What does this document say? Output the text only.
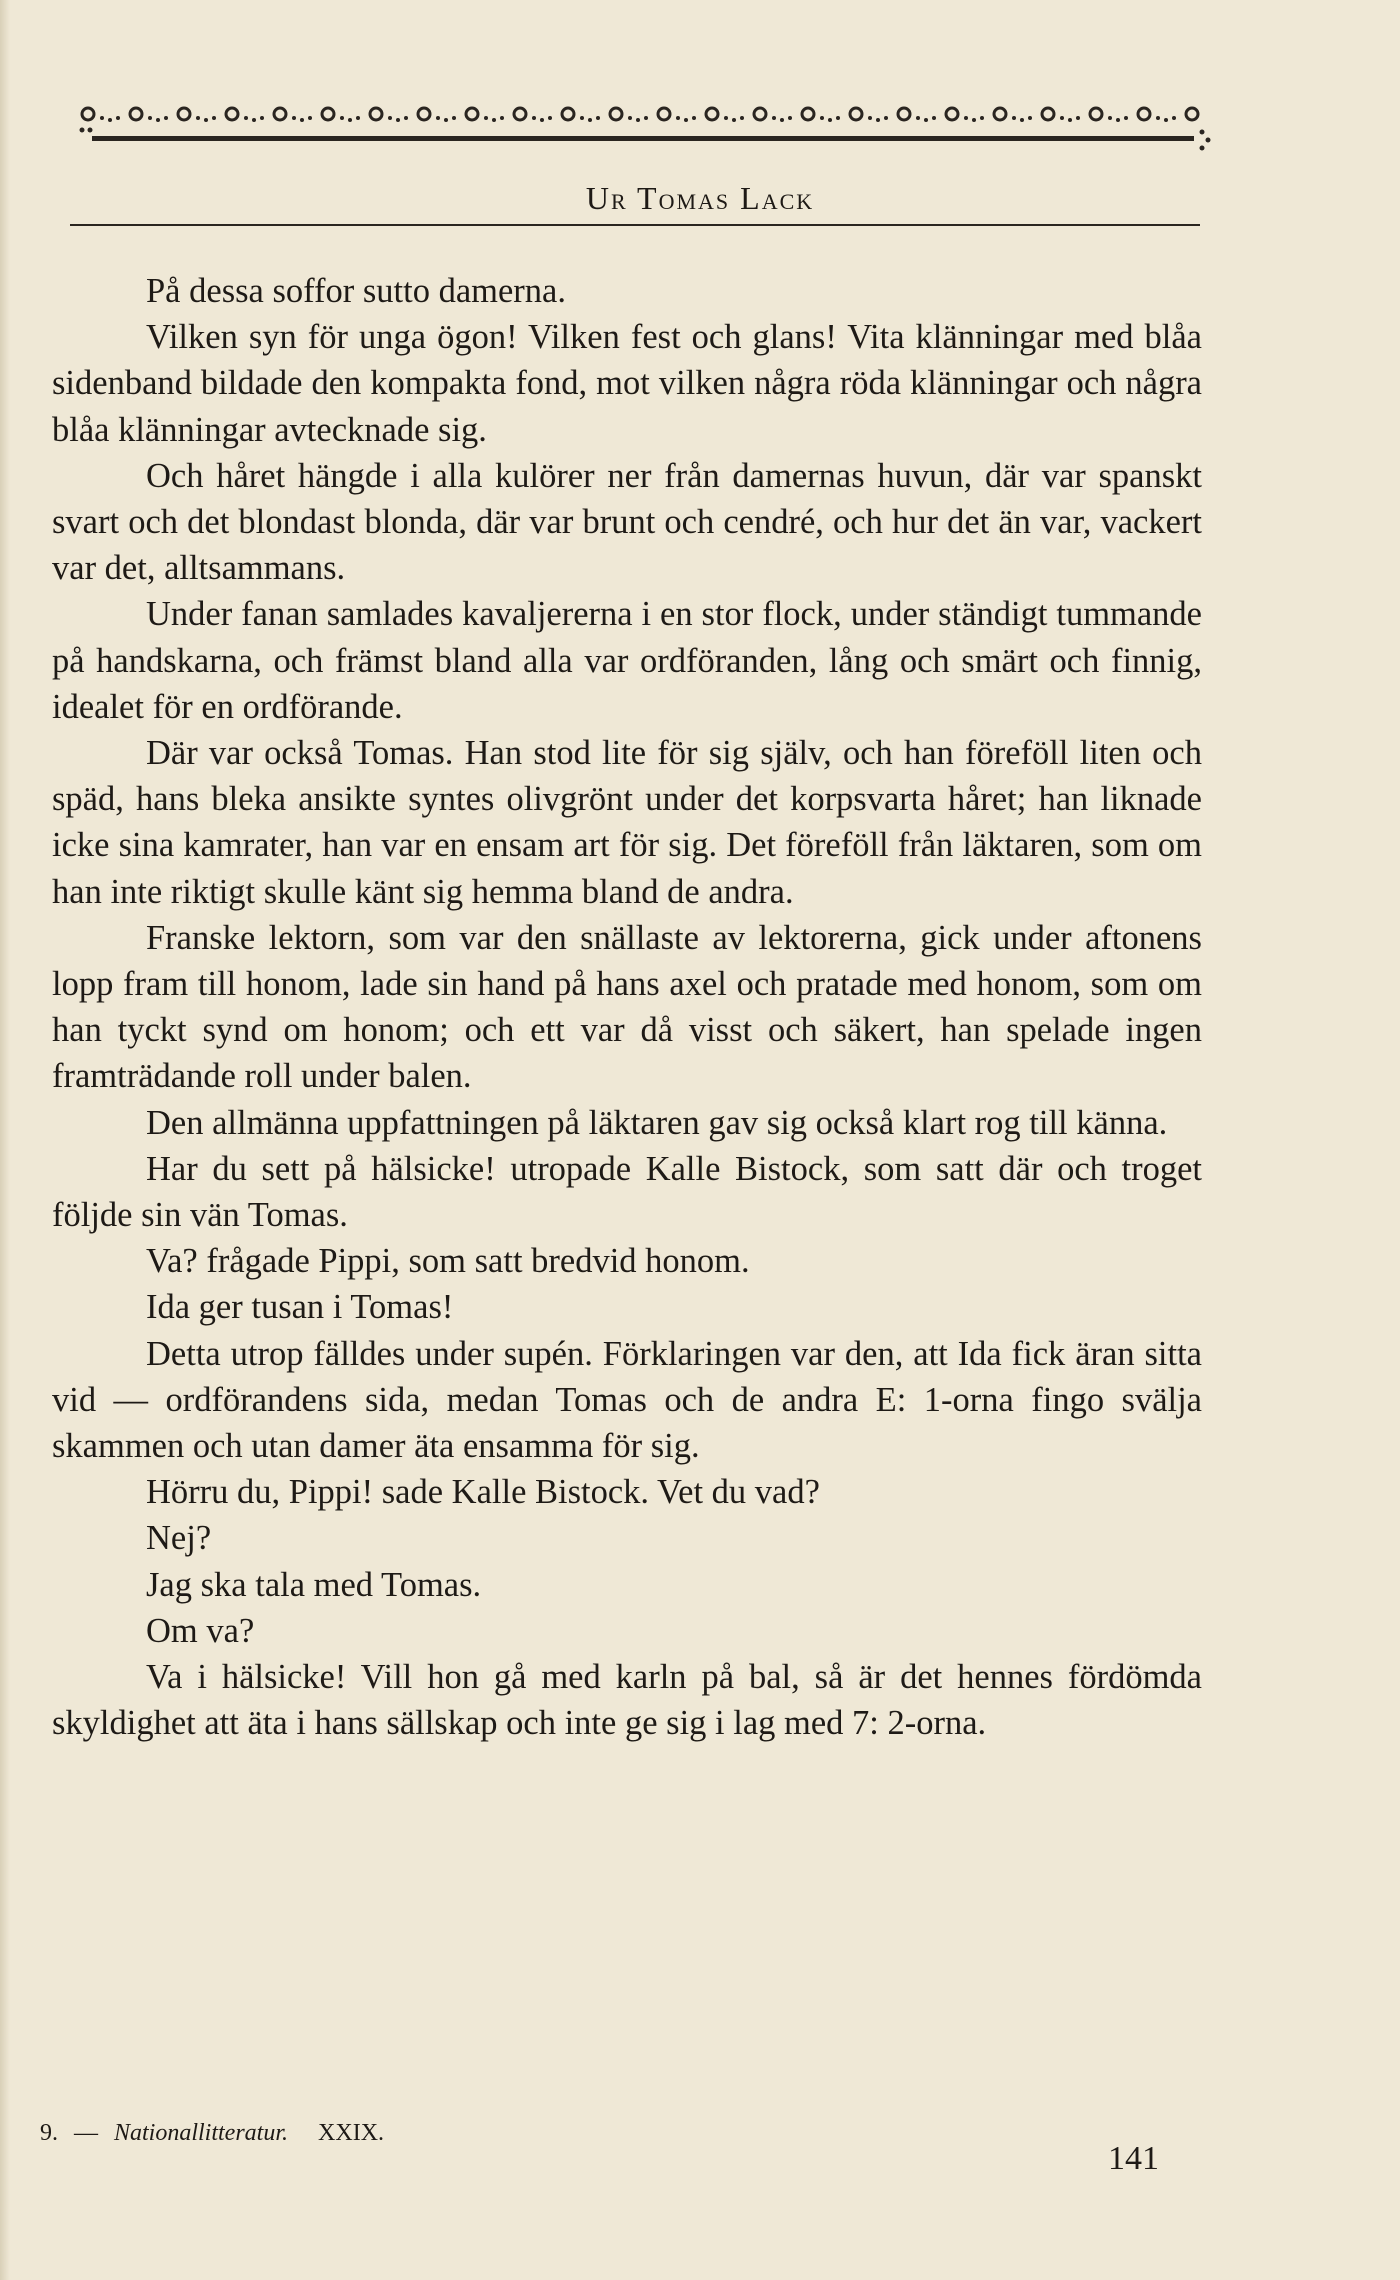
Ur Tomas Lack

På dessa soffor sutto damerna.

Vilken syn för unga ögon! Vilken fest och glans! Vita klänningar med blåa sidenband bildade den kompakta fond, mot vilken några röda klänningar och några blåa klänningar avtecknade sig.

Och håret hängde i alla kulörer ner från damernas huvun, där var spanskt svart och det blondast blonda, där var brunt och cendré, och hur det än var, vackert var det, alltsammans.

Under fanan samlades kavaljererna i en stor flock, under ständigt tummande på handskarna, och främst bland alla var ordföranden, lång och smärt och finnig, idealet för en ordförande.

Där var också Tomas. Han stod lite för sig själv, och han föreföll liten och späd, hans bleka ansikte syntes olivgrönt under det korpsvarta håret; han liknade icke sina kamrater, han var en ensam art för sig. Det föreföll från läktaren, som om han inte riktigt skulle känt sig hemma bland de andra.

Franske lektorn, som var den snällaste av lektorerna, gick under aftonens lopp fram till honom, lade sin hand på hans axel och pratade med honom, som om han tyckt synd om honom; och ett var då visst och säkert, han spelade ingen framträdande roll under balen.

Den allmänna uppfattningen på läktaren gav sig också klart rog till känna.

Har du sett på hälsicke! utropade Kalle Bistock, som satt där och troget följde sin vän Tomas.

Va? frågade Pippi, som satt bredvid honom.

Ida ger tusan i Tomas!

Detta utrop fälldes under supén. Förklaringen var den, att Ida fick äran sitta vid — ordförandens sida, medan Tomas och de andra E: 1-orna fingo svälja skammen och utan damer äta ensamma för sig.

Hörru du, Pippi! sade Kalle Bistock. Vet du vad?

Nej?

Jag ska tala med Tomas.

Om va?

Va i hälsicke! Vill hon gå med karln på bal, så är det hennes fördömda skyldighet att äta i hans sällskap och inte ge sig i lag med 7: 2-orna.

9. — Nationallitteratur. XXIX.
141
